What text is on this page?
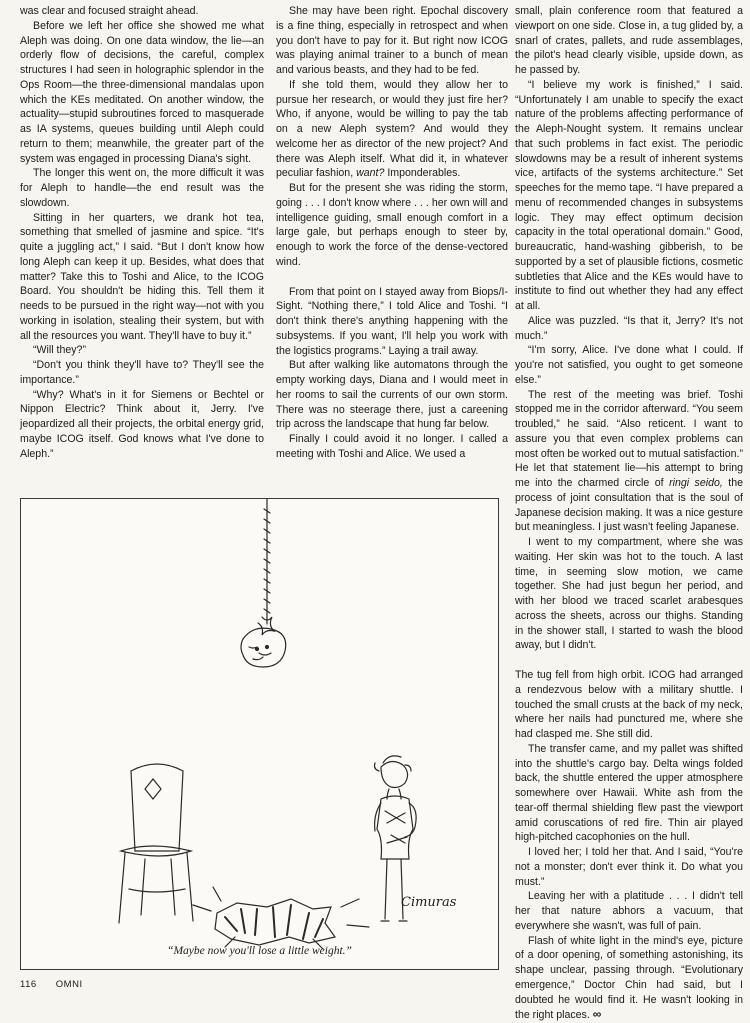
was clear and focused straight ahead.

Before we left her office she showed me what Aleph was doing. On one data window, the lie—an orderly flow of decisions, the careful, complex structures I had seen in holographic splendor in the Ops Room—the three-dimensional mandalas upon which the KEs meditated. On another window, the actuality—stupid subroutines forced to masquerade as IA systems, queues building until Aleph could return to them; meanwhile, the greater part of the system was engaged in processing Diana's sight.

The longer this went on, the more difficult it was for Aleph to handle—the end result was the slowdown.

Sitting in her quarters, we drank hot tea, something that smelled of jasmine and spice. “It's quite a juggling act,” I said. “But I don't know how long Aleph can keep it up. Besides, what does that matter? Take this to Toshi and Alice, to the ICOG Board. You shouldn't be hiding this. Tell them it needs to be pursued in the right way—not with you working in isolation, stealing their system, but with all the resources you want. They'll have to buy it.”

“Will they?”

“Don't you think they'll have to? They'll see the importance.”

“Why? What's in it for Siemens or Bechtel or Nippon Electric? Think about it, Jerry. I've jeopardized all their projects, the orbital energy grid, maybe ICOG itself. God knows what I've done to Aleph.”

She may have been right. Epochal discovery is a fine thing, especially in retrospect and when you don't have to pay for it. But right now ICOG was playing animal trainer to a bunch of mean and various beasts, and they had to be fed.

If she told them, would they allow her to pursue her research, or would they just fire her? Who, if anyone, would be willing to pay the tab on a new Aleph system? And would they welcome her as director of the new project? And there was Aleph itself. What did it, in whatever peculiar fashion, want? Imponderables.

But for the present she was riding the storm, going . . . I don't know where . . . her own will and intelligence guiding, small enough comfort in a large gale, but perhaps enough to steer by, enough to work the force of the dense-vectored wind.

From that point on I stayed away from Biops/I-Sight. “Nothing there,” I told Alice and Toshi. “I don't think there's anything happening with the subsystems. If you want, I'll help you work with the logistics programs.” Laying a trail away.

But after walking like automatons through the empty working days, Diana and I would meet in her rooms to sail the currents of our own storm. There was no steerage there, just a careening trip across the landscape that hung far below.

Finally I could avoid it no longer. I called a meeting with Toshi and Alice. We used a

small, plain conference room that featured a viewport on one side. Close in, a tug glided by, a snarl of crates, pallets, and rude assemblages, the pilot's head clearly visible, upside down, as he passed by.

“I believe my work is finished,” I said. “Unfortunately I am unable to specify the exact nature of the problems affecting performance of the Aleph-Nought system. It remains unclear that such problems in fact exist. The periodic slowdowns may be a result of inherent systems vice, artifacts of the systems architecture.” Set speeches for the memo tape. “I have prepared a menu of recommended changes in subsystems logic. They may effect optimum decision capacity in the total operational domain.” Good, bureaucratic, hand-washing gibberish, to be supported by a set of plausible fictions, cosmetic subtleties that Alice and the KEs would have to institute to find out whether they had any effect at all.

Alice was puzzled. “Is that it, Jerry? It's not much.”

“I'm sorry, Alice. I've done what I could. If you're not satisfied, you ought to get someone else.”

The rest of the meeting was brief. Toshi stopped me in the corridor afterward. “You seem troubled,” he said. “Also reticent. I want to assure you that even complex problems can most often be worked out to mutual satisfaction.” He let that statement lie—his attempt to bring me into the charmed circle of ringi seido, the process of joint consultation that is the soul of Japanese decision making. It was a nice gesture but meaningless. I just wasn't feeling Japanese.

I went to my compartment, where she was waiting. Her skin was hot to the touch. A last time, in seeming slow motion, we came together. She had just begun her period, and with her blood we traced scarlet arabesques across the sheets, across our thighs. Standing in the shower stall, I started to wash the blood away, but I didn't.

The tug fell from high orbit. ICOG had arranged a rendezvous below with a military shuttle. I touched the small crusts at the back of my neck, where her nails had punctured me, where she had clasped me. She still did.

The transfer came, and my pallet was shifted into the shuttle's cargo bay. Delta wings folded back, the shuttle entered the upper atmosphere somewhere over Hawaii. White ash from the tear-off thermal shielding flew past the viewport amid coruscations of red fire. Thin air played high-pitched cacophonies on the hull.

I loved her; I told her that. And I said, “You're not a monster; don't ever think it. Do what you must.”

Leaving her with a platitude . . . I didn't tell her that nature abhors a vacuum, that everywhere she wasn't, was full of pain.

Flash of white light in the mind's eye, picture of a door opening, of something astonishing, its shape unclear, passing through. “Evolutionary emergence,” Doctor Chin had said, but I doubted he would find it. He wasn't looking in the right places. ∞

Cimuras
“Maybe now you'll lose a little weight.”
116 OMNI
